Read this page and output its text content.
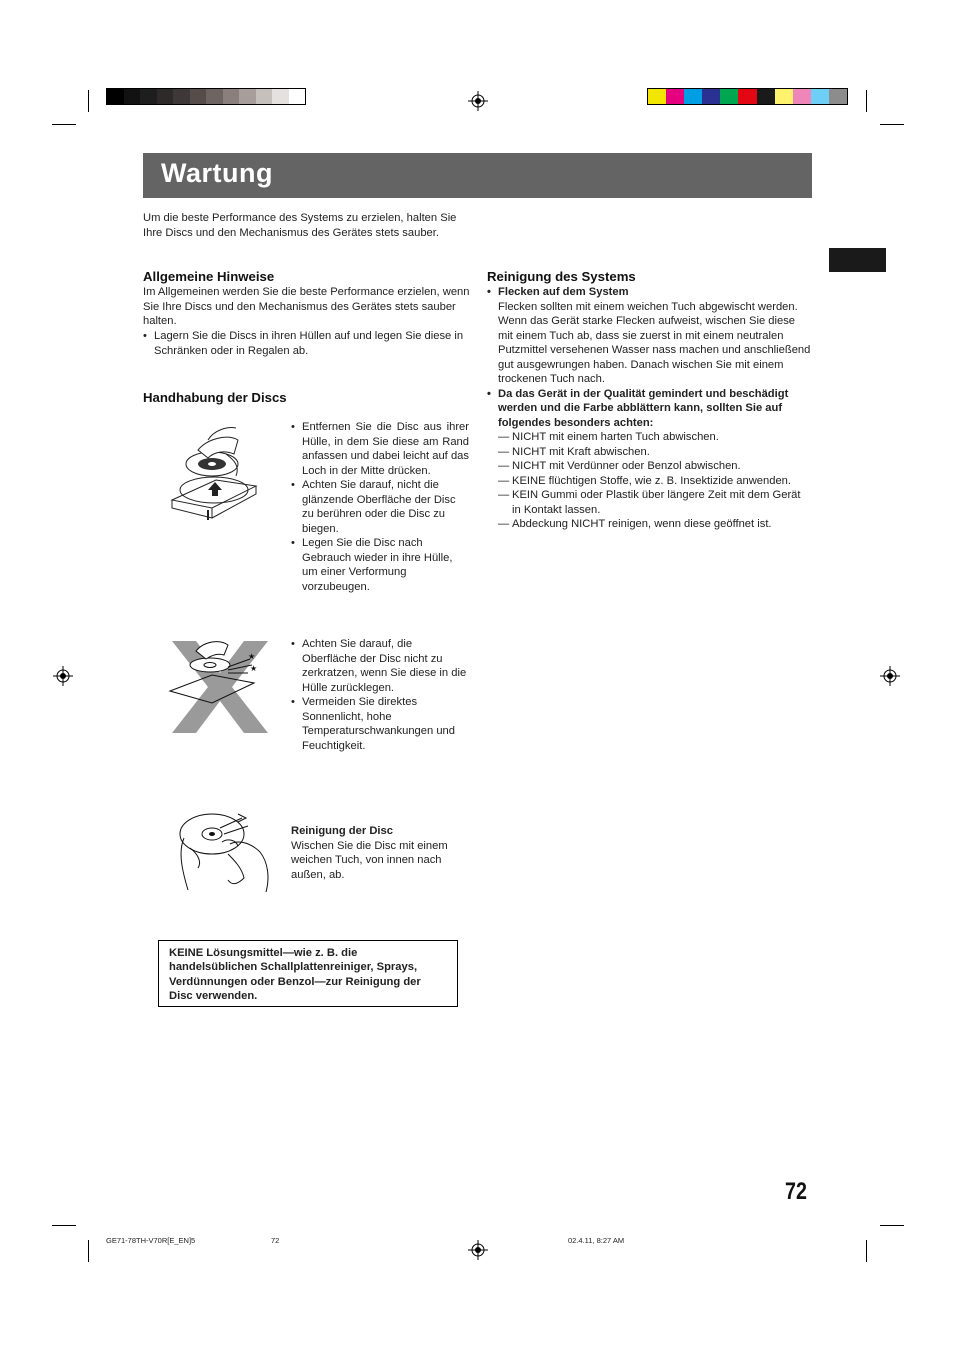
Wartung

Um die beste Performance des Systems zu erzielen, halten Sie Ihre Discs und den Mechanismus des Gerätes stets sauber.

Allgemeine Hinweise

Im Allgemeinen werden Sie die beste Performance erzielen, wenn Sie Ihre Discs und den Mechanismus des Gerätes stets sauber halten.

• Lagern Sie die Discs in ihren Hüllen auf und legen Sie diese in Schränken oder in Regalen ab.

Handhabung der Discs

• Entfernen Sie die Disc aus ihrer Hülle, in dem Sie diese am Rand anfassen und dabei leicht auf das Loch in der Mitte drücken.

• Achten Sie darauf, nicht die glänzende Oberfläche der Disc zu berühren oder die Disc zu biegen.

• Legen Sie die Disc nach Gebrauch wieder in ihre Hülle, um einer Verformung vorzubeugen.

★
★

• Achten Sie darauf, die Oberfläche der Disc nicht zu zerkratzen, wenn Sie diese in die Hülle zurücklegen.

• Vermeiden Sie direktes Sonnenlicht, hohe Temperaturschwankungen und Feuchtigkeit.

Reinigung der Disc

Wischen Sie die Disc mit einem weichen Tuch, von innen nach außen, ab.

KEINE Lösungsmittel—wie z. B. die handelsüblichen Schallplattenreiniger, Sprays, Verdünnungen oder Benzol—zur Reinigung der Disc verwenden.
Reinigung des Systems

• Flecken auf dem System

Flecken sollten mit einem weichen Tuch abgewischt werden. Wenn das Gerät starke Flecken aufweist, wischen Sie diese mit einem Tuch ab, dass sie zuerst in mit einem neutralen Putzmittel versehenen Wasser nass machen und anschließend gut ausgewrungen haben. Danach wischen Sie mit einem trockenen Tuch nach.

• Da das Gerät in der Qualität gemindert und beschädigt werden und die Farbe abblättern kann, sollten Sie auf folgendes besonders achten:

— NICHT mit einem harten Tuch abwischen.

— NICHT mit Kraft abwischen.

— NICHT mit Verdünner oder Benzol abwischen.

— KEINE flüchtigen Stoffe, wie z. B. Insektizide anwenden.

— KEIN Gummi oder Plastik über längere Zeit mit dem Gerät in Kontakt lassen.

— Abdeckung NICHT reinigen, wenn diese geöffnet ist.

72
GE71-78TH-V70R[E_EN]5	72	02.4.11, 8:27 AM
